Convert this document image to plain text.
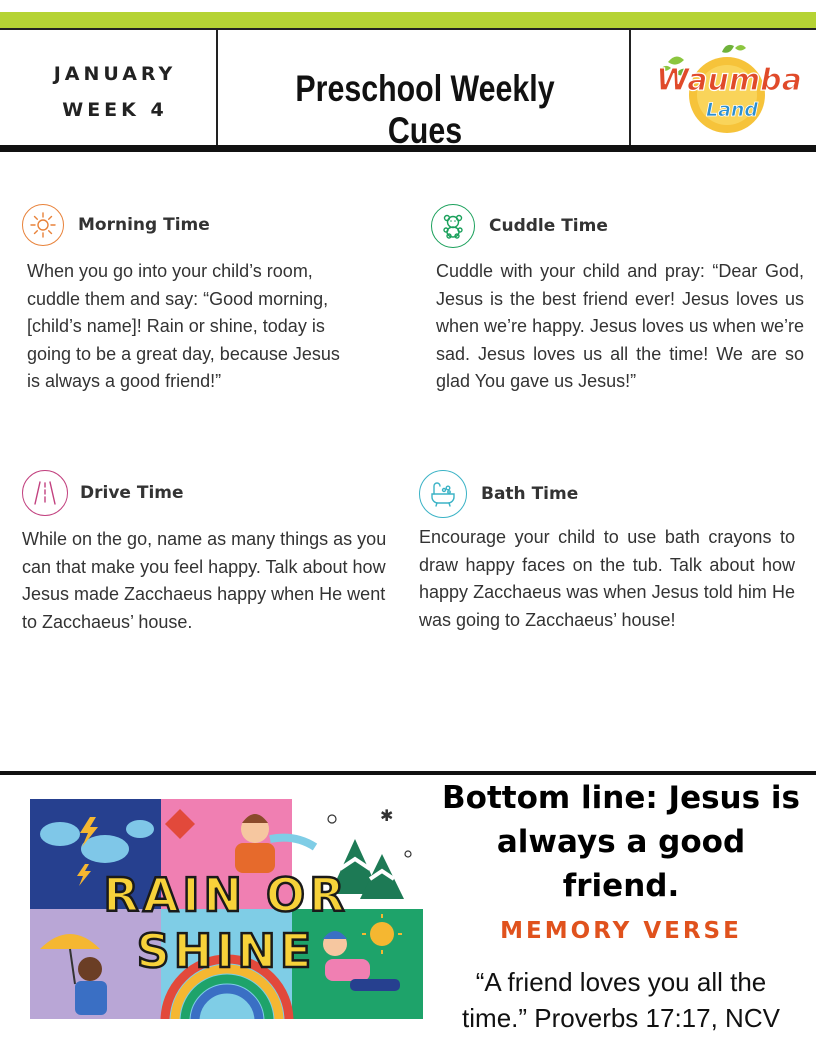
JANUARY
WEEK 4
Preschool Weekly Cues
Waumba
Land
Morning Time
When you go into your child’s room, cuddle them and say: “Good morning, [child’s name]! Rain or shine, today is going to be a great day, because Jesus is always a good friend!”
Cuddle Time
Cuddle with your child and pray: “Dear God, Jesus is the best friend ever! Jesus loves us when we’re happy. Jesus loves us when we’re sad. Jesus loves us all the time! We are so glad You gave us Jesus!”
Drive Time
While on the go, name as many things as you can that make you feel happy. Talk about how Jesus made Zacchaeus happy when He went to Zacchaeus’ house.
Bath Time
Encourage your child to use bath crayons to draw happy faces on the tub. Talk about how happy Zacchaeus was when Jesus told him He was going to Zacchaeus’ house!
✱
RAIN OR
SHINE
Bottom line: Jesus is always a good friend.
MEMORY VERSE
“A friend loves you all the time.” Proverbs 17:17, NCV
